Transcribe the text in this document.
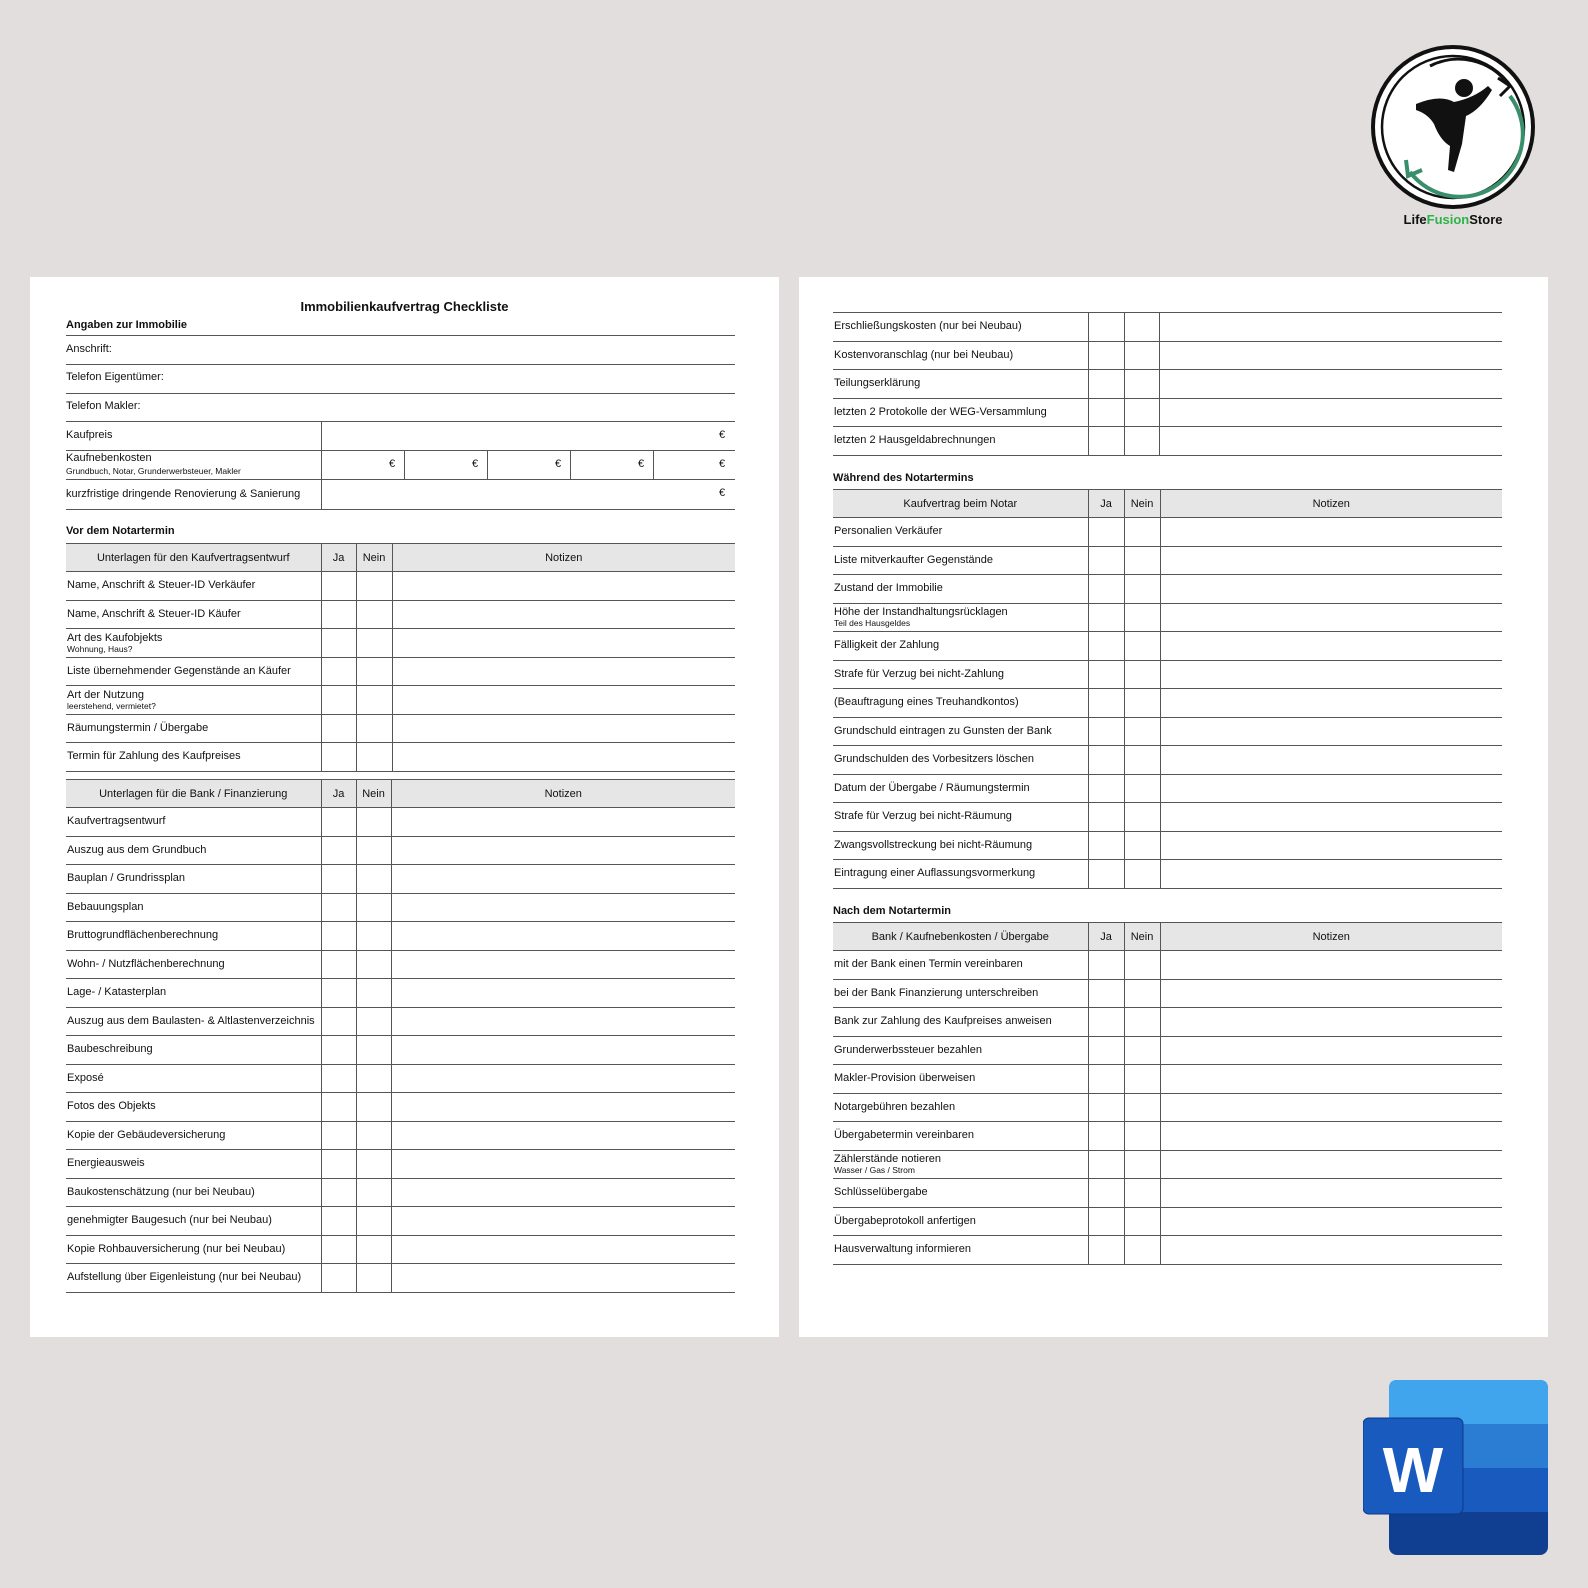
LifeFusionStore
Immobilienkaufvertrag Checkliste
Angaben zur Immobilie
Anschrift:
Telefon Eigentümer:
Telefon Makler:
Kaufpreis	€
Kaufnebenkosten
Grundbuch, Notar, Grunderwerbsteuer, Makler
€	€	€	€	€
kurzfristige dringende Renovierung & Sanierung	€
Vor dem Notartermin
Unterlagen für den Kaufvertragsentwurf	Ja	Nein	Notizen

Name, Anschrift & Steuer-ID Verkäufer			

Name, Anschrift & Steuer-ID Käufer			

Art des Kaufobjekts
Wohnung, Haus?			

Liste übernehmender Gegenstände an Käufer			

Art der Nutzung
leerstehend, vermietet?			

Räumungstermin / Übergabe			

Termin für Zahlung des Kaufpreises			

Unterlagen für die Bank / Finanzierung	Ja	Nein	Notizen

Kaufvertragsentwurf			

Auszug aus dem Grundbuch			

Bauplan / Grundrissplan			

Bebauungsplan			

Bruttogrundflächenberechnung			

Wohn- / Nutzflächenberechnung			

Lage- / Katasterplan			

Auszug aus dem Baulasten- & Altlastenverzeichnis			

Baubeschreibung			

Exposé			

Fotos des Objekts			

Kopie der Gebäudeversicherung			

Energieausweis			

Baukostenschätzung (nur bei Neubau)			

genehmigter Baugesuch (nur bei Neubau)			

Kopie Rohbauversicherung (nur bei Neubau)			

Aufstellung über Eigenleistung (nur bei Neubau)			

Erschließungskosten (nur bei Neubau)			

Kostenvoranschlag (nur bei Neubau)			

Teilungserklärung			

letzten 2 Protokolle der WEG-Versammlung			

letzten 2 Hausgeldabrechnungen			

Während des Notartermins
Kaufvertrag beim Notar	Ja	Nein	Notizen

Personalien Verkäufer			

Liste mitverkaufter Gegenstände			

Zustand der Immobilie			

Höhe der Instandhaltungsrücklagen
Teil des Hausgeldes			

Fälligkeit der Zahlung			

Strafe für Verzug bei nicht-Zahlung			

(Beauftragung eines Treuhandkontos)			

Grundschuld eintragen zu Gunsten der Bank			

Grundschulden des Vorbesitzers löschen			

Datum der Übergabe / Räumungstermin			

Strafe für Verzug bei nicht-Räumung			

Zwangsvollstreckung bei nicht-Räumung			

Eintragung einer Auflassungsvormerkung			

Nach dem Notartermin
Bank / Kaufnebenkosten / Übergabe	Ja	Nein	Notizen

mit der Bank einen Termin vereinbaren			

bei der Bank Finanzierung unterschreiben			

Bank zur Zahlung des Kaufpreises anweisen			

Grunderwerbssteuer bezahlen			

Makler-Provision überweisen			

Notargebühren bezahlen			

Übergabetermin vereinbaren			

Zählerstände notieren
Wasser / Gas / Strom			

Schlüsselübergabe			

Übergabeprotokoll anfertigen			

Hausverwaltung informieren			

W
